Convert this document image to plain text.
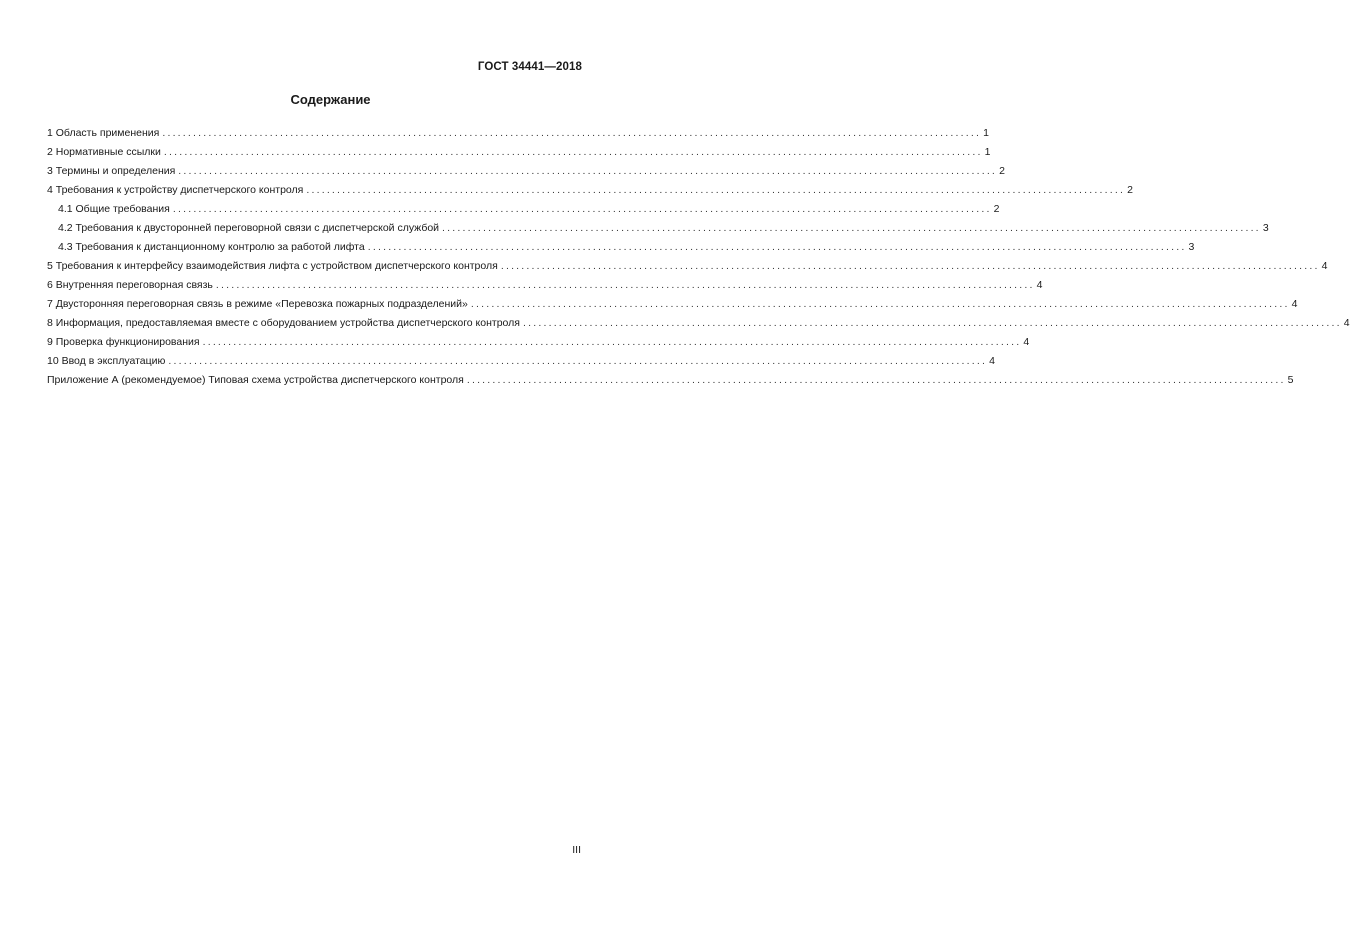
ГОСТ 34441—2018
Содержание
1 Область применения ................................................................................................................................................................ 1
2 Нормативные ссылки ................................................................................................................................................................ 1
3 Термины и определения ................................................................................................................................................................ 2
4 Требования к устройству диспетчерского контроля ................................................................................................................................................................ 2
4.1 Общие требования ................................................................................................................................................................ 2
4.2 Требования к двусторонней переговорной связи с диспетчерской службой ................................................................................................................................................................ 3
4.3 Требования к дистанционному контролю за работой лифта ................................................................................................................................................................ 3
5 Требования к интерфейсу взаимодействия лифта с устройством диспетчерского контроля ................................................................................................................................................................ 4
6 Внутренняя переговорная связь ................................................................................................................................................................ 4
7 Двусторонняя переговорная связь в режиме «Перевозка пожарных подразделений» ................................................................................................................................................................ 4
8 Информация, предоставляемая вместе с оборудованием устройства диспетчерского контроля ................................................................................................................................................................ 4
9 Проверка функционирования ................................................................................................................................................................ 4
10 Ввод в эксплуатацию ................................................................................................................................................................ 4
Приложение А (рекомендуемое) Типовая схема устройства диспетчерского контроля ................................................................................................................................................................ 5
III
